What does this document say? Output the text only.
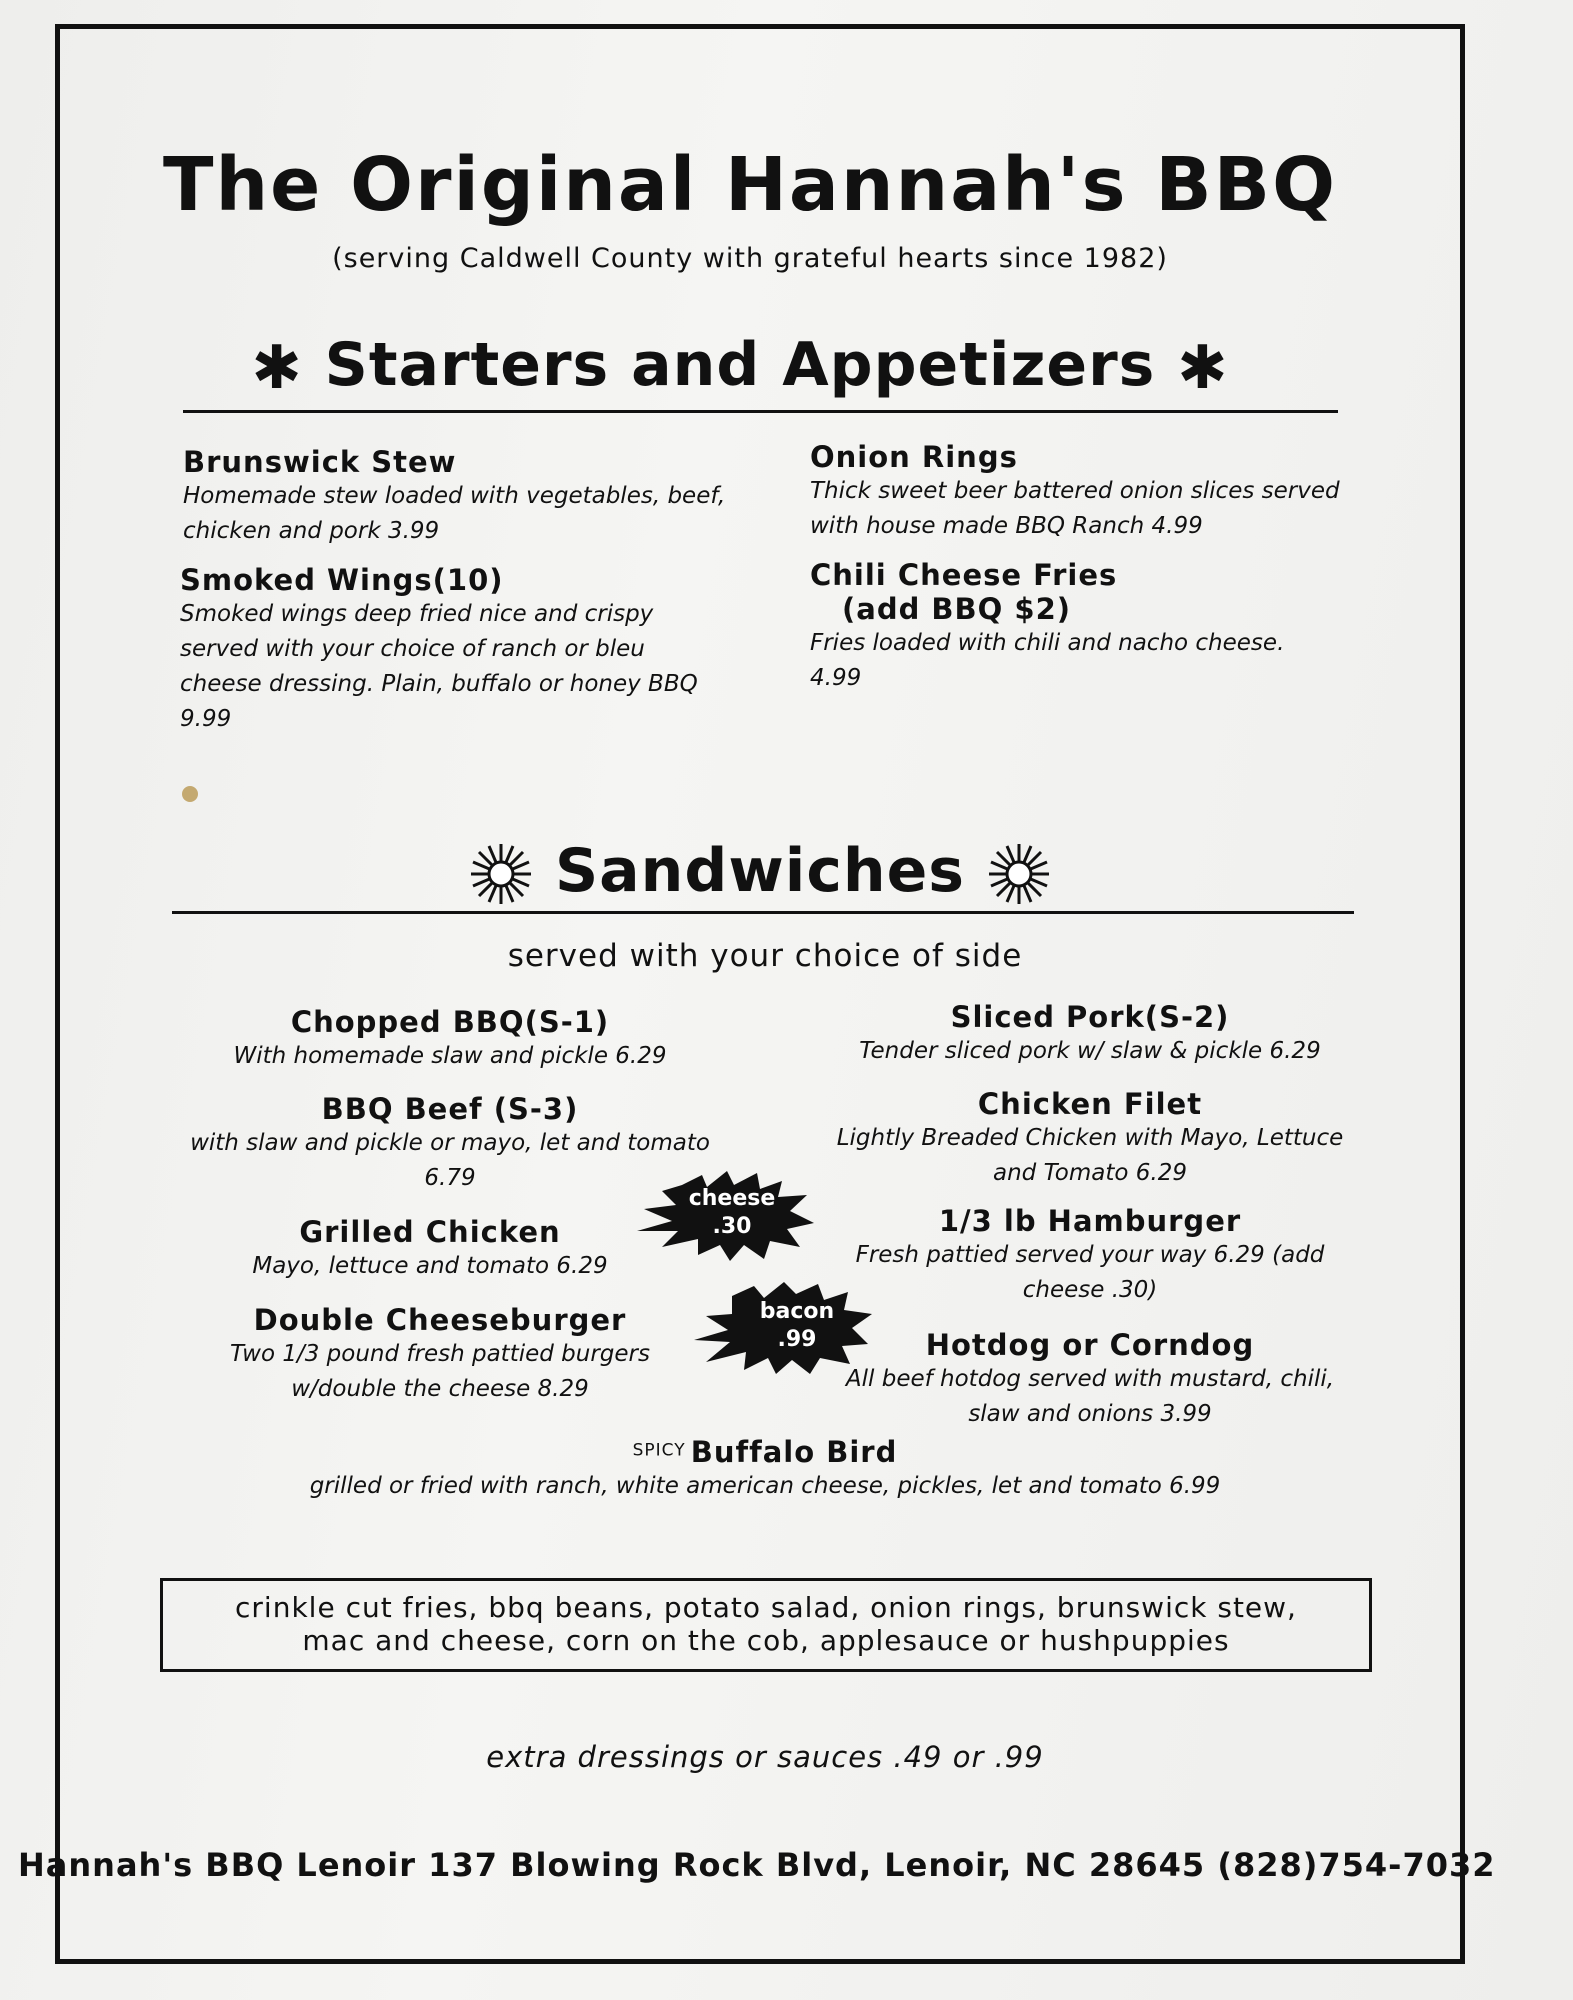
The Original Hannah's BBQ
(serving Caldwell County with grateful hearts since 1982)
✱ Starters and Appetizers ✱
Brunswick Stew
Homemade stew loaded with vegetables, beef,
chicken and pork 3.99
Smoked Wings(10)
Smoked wings deep fried nice and crispy
served with your choice of ranch or bleu
cheese dressing. Plain, buffalo or honey BBQ
9.99
Onion Rings
Thick sweet beer battered onion slices served
with house made BBQ Ranch 4.99
Chili Cheese Fries
(add BBQ $2)
Fries loaded with chili and nacho cheese.
4.99
Sandwiches
served with your choice of side
Chopped BBQ(S-1)
With homemade slaw and pickle 6.29
BBQ Beef (S-3)
with slaw and pickle or mayo, let and tomato
6.79
Grilled Chicken
Mayo, lettuce and tomato 6.29
Double Cheeseburger
Two 1/3 pound fresh pattied burgers
w/double the cheese 8.29
Sliced Pork(S-2)
Tender sliced pork w/ slaw & pickle 6.29
Chicken Filet
Lightly Breaded Chicken with Mayo, Lettuce
and Tomato 6.29
1/3 lb Hamburger
Fresh pattied served your way 6.29 (add
cheese .30)
Hotdog or Corndog
All beef hotdog served with mustard, chili,
slaw and onions 3.99
cheese
.30
bacon
.99
SPICY Buffalo Bird
grilled or fried with ranch, white american cheese, pickles, let and tomato 6.99
crinkle cut fries, bbq beans, potato salad, onion rings, brunswick stew,
mac and cheese, corn on the cob, applesauce or hushpuppies
extra dressings or sauces .49 or .99
Hannah's BBQ Lenoir 137 Blowing Rock Blvd, Lenoir, NC 28645 (828)754-7032
